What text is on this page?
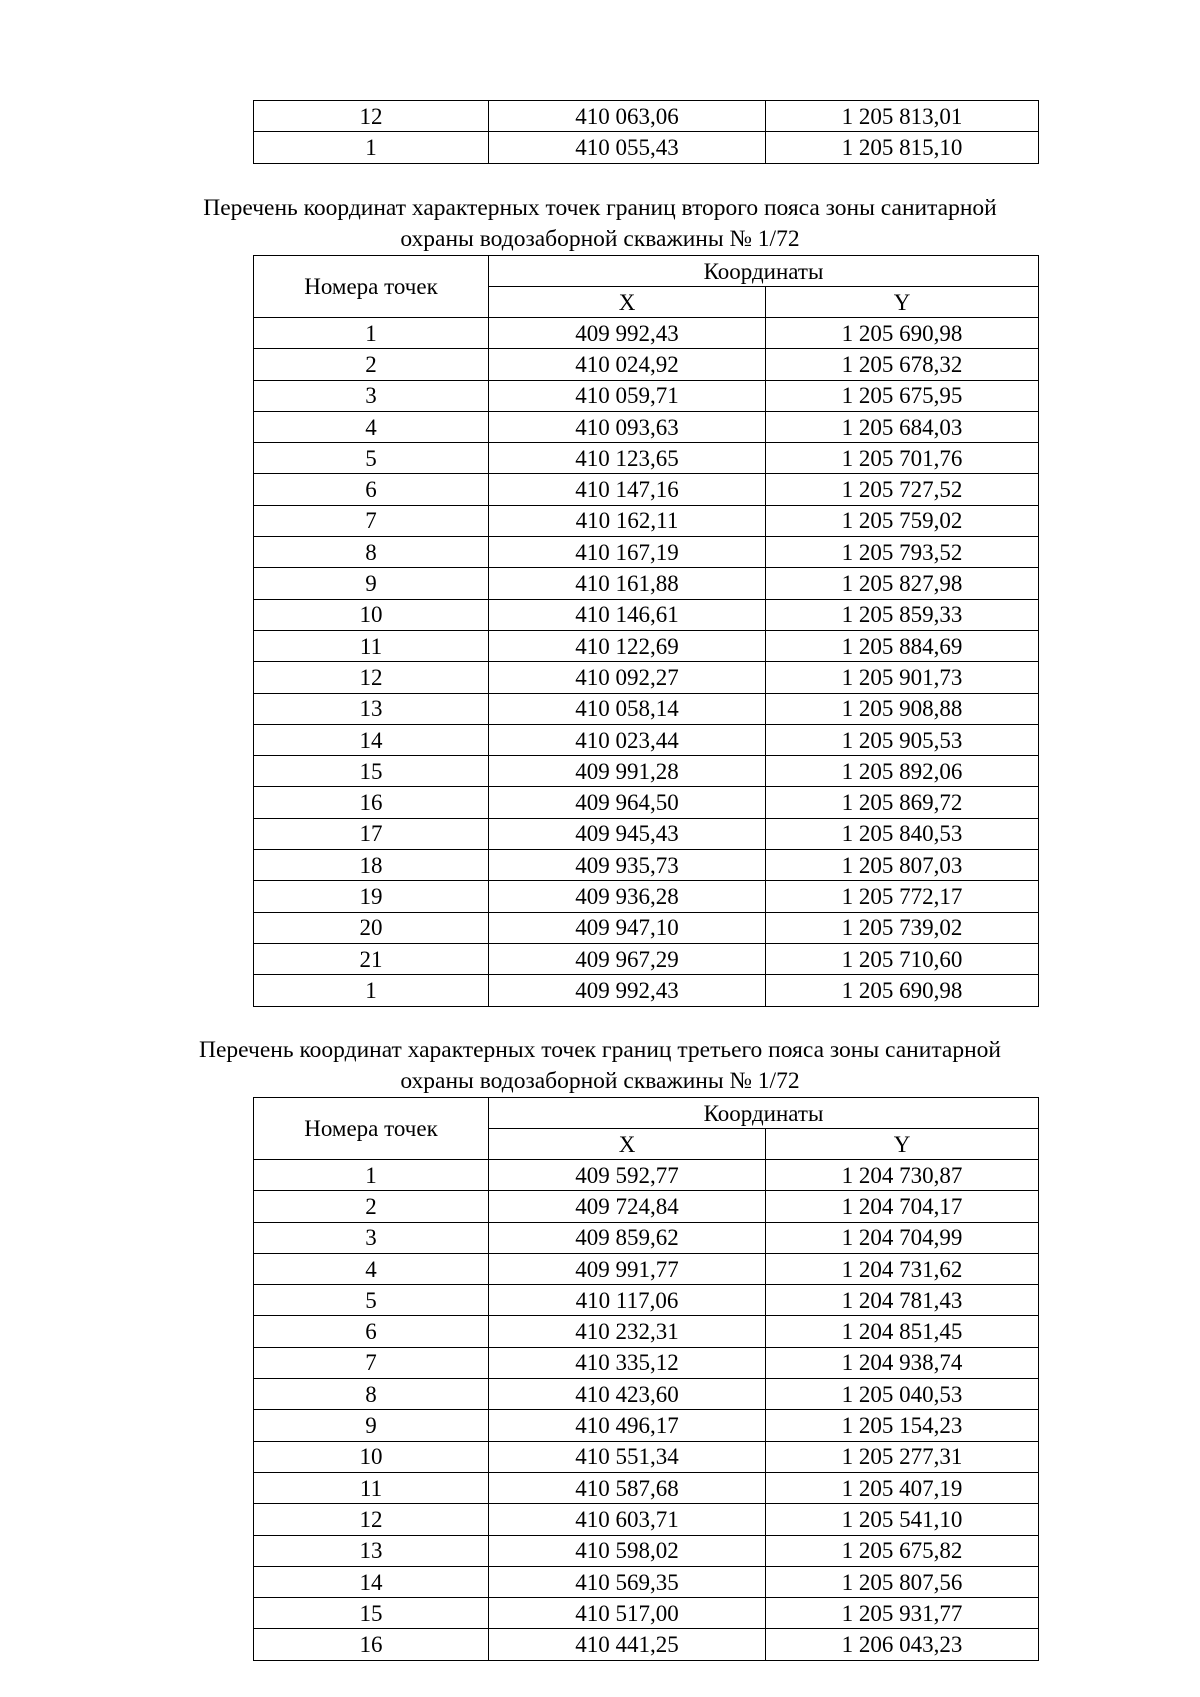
12	410 063,06	1 205 813,01
1	410 055,43	1 205 815,10
Перечень координат характерных точек границ второго пояса зоны санитарной
охраны водозаборной скважины № 1/72
Номера точек	Координаты	
	X	Y
1	409 992,43	1 205 690,98
2	410 024,92	1 205 678,32
3	410 059,71	1 205 675,95
4	410 093,63	1 205 684,03
5	410 123,65	1 205 701,76
6	410 147,16	1 205 727,52
7	410 162,11	1 205 759,02
8	410 167,19	1 205 793,52
9	410 161,88	1 205 827,98
10	410 146,61	1 205 859,33
11	410 122,69	1 205 884,69
12	410 092,27	1 205 901,73
13	410 058,14	1 205 908,88
14	410 023,44	1 205 905,53
15	409 991,28	1 205 892,06
16	409 964,50	1 205 869,72
17	409 945,43	1 205 840,53
18	409 935,73	1 205 807,03
19	409 936,28	1 205 772,17
20	409 947,10	1 205 739,02
21	409 967,29	1 205 710,60
1	409 992,43	1 205 690,98
Перечень координат характерных точек границ третьего пояса зоны санитарной
охраны водозаборной скважины № 1/72
Номера точек	Координаты	
	X	Y
1	409 592,77	1 204 730,87
2	409 724,84	1 204 704,17
3	409 859,62	1 204 704,99
4	409 991,77	1 204 731,62
5	410 117,06	1 204 781,43
6	410 232,31	1 204 851,45
7	410 335,12	1 204 938,74
8	410 423,60	1 205 040,53
9	410 496,17	1 205 154,23
10	410 551,34	1 205 277,31
11	410 587,68	1 205 407,19
12	410 603,71	1 205 541,10
13	410 598,02	1 205 675,82
14	410 569,35	1 205 807,56
15	410 517,00	1 205 931,77
16	410 441,25	1 206 043,23
